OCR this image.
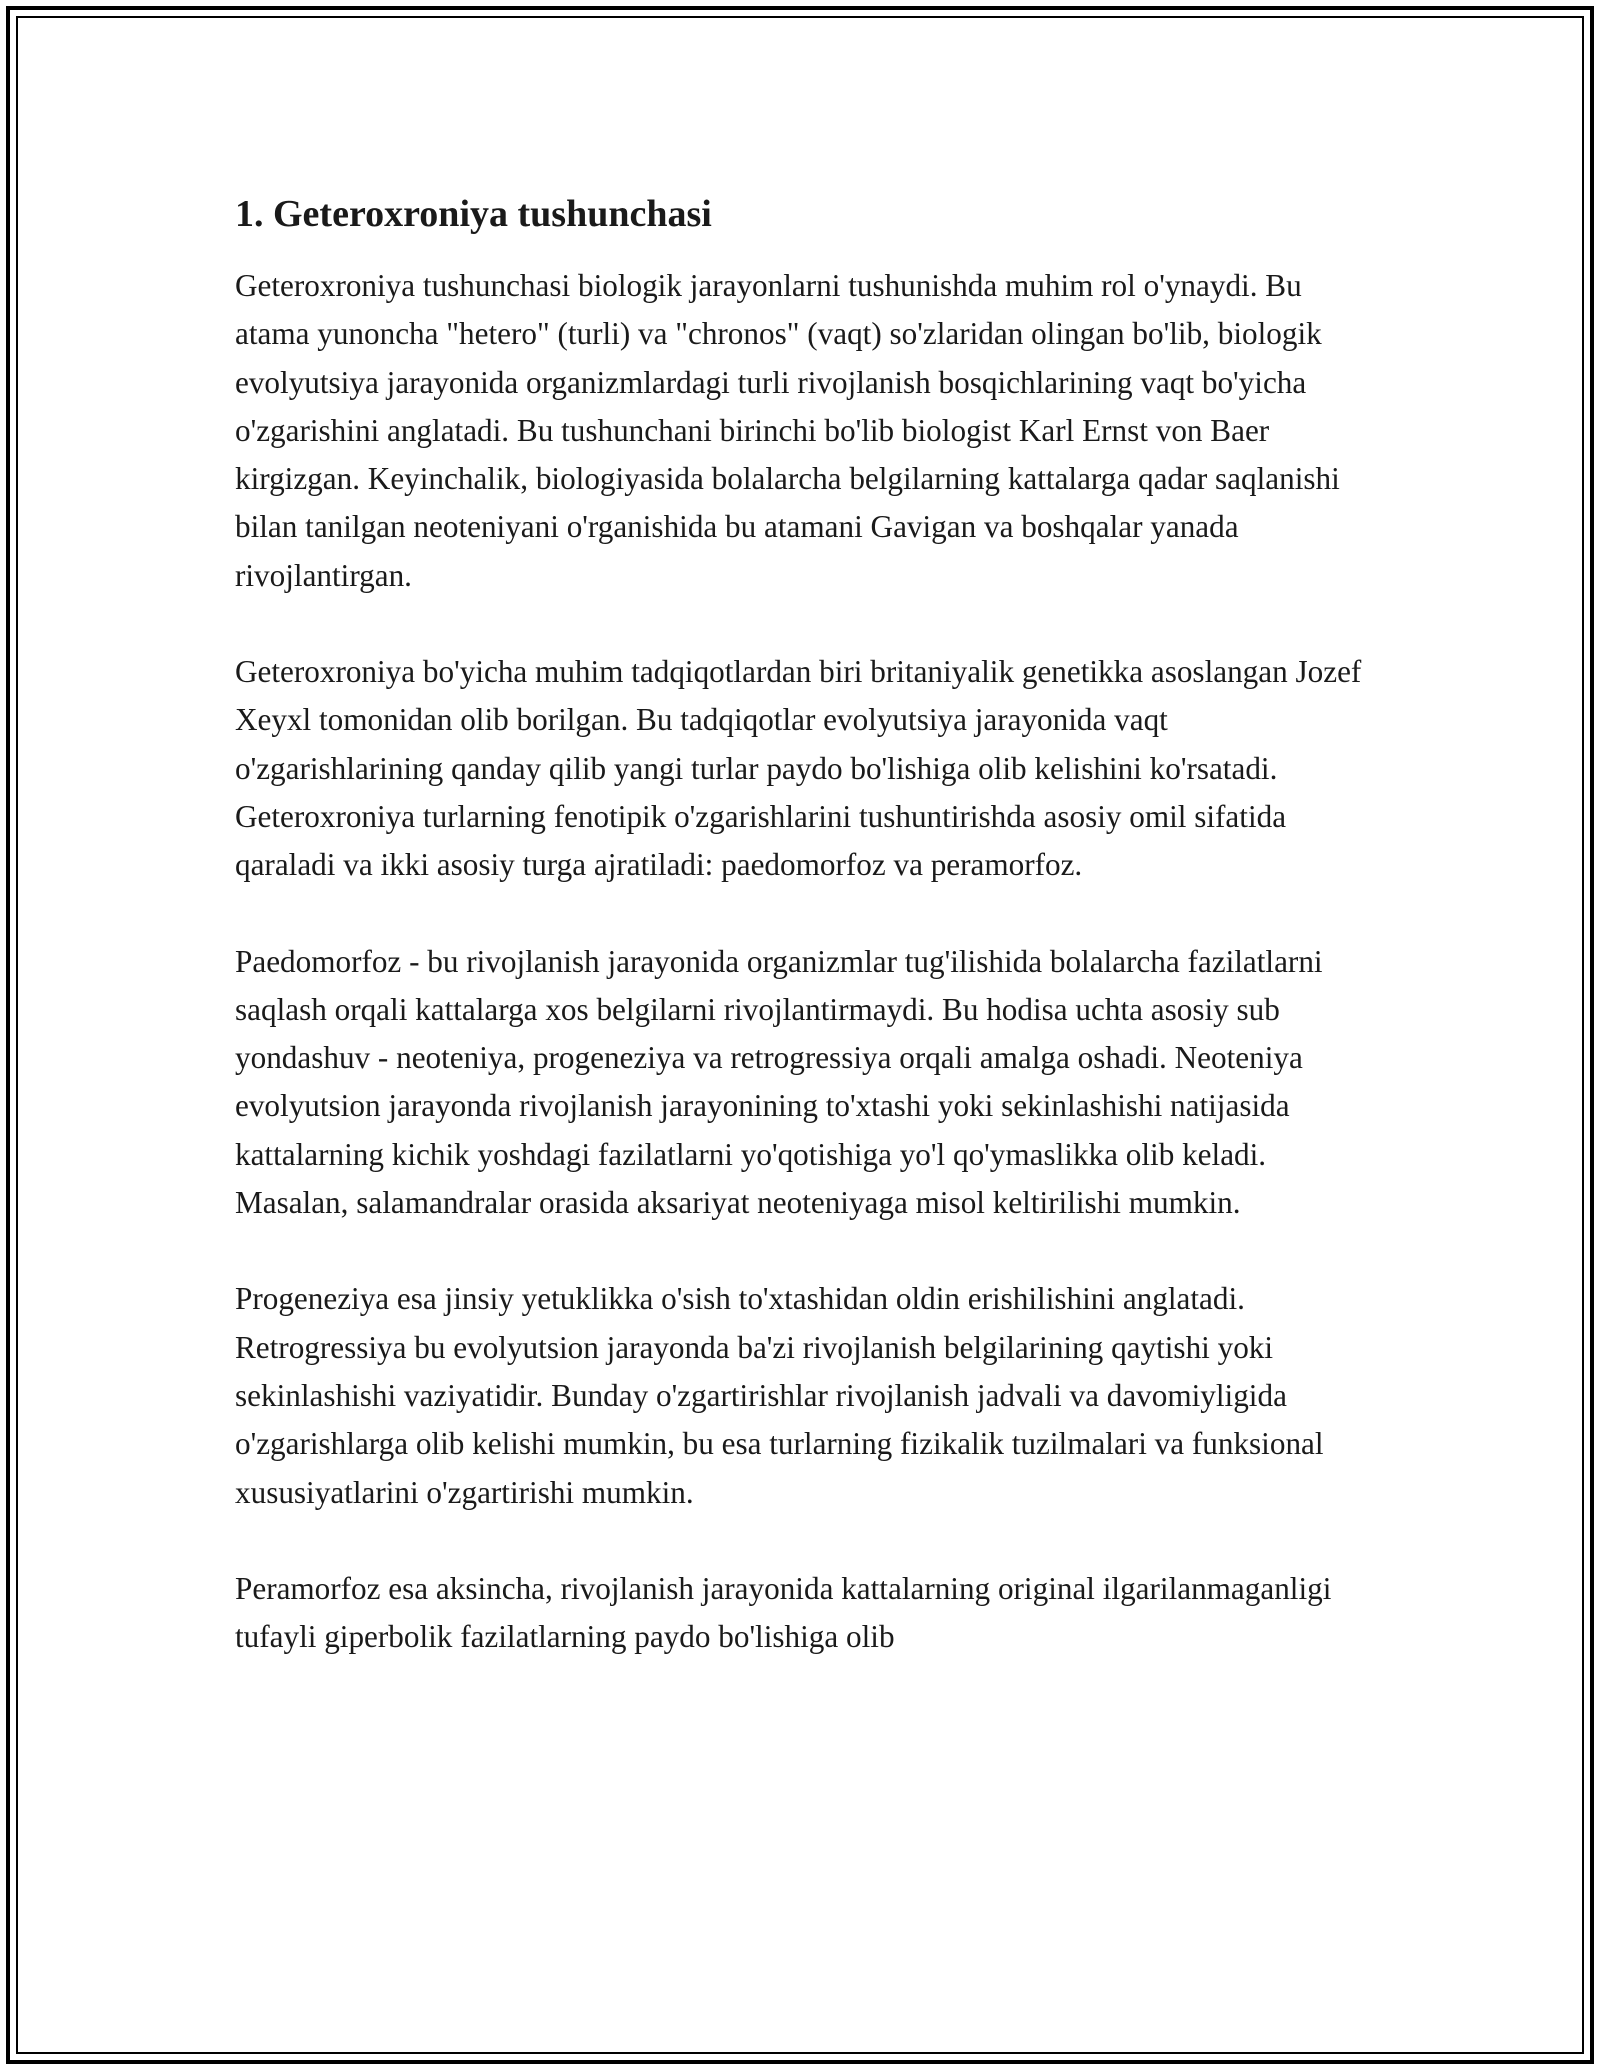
1. Geteroxroniya tushunchasi

Geteroxroniya tushunchasi biologik jarayonlarni tushunishda muhim rol o'ynaydi. Bu atama yunoncha "hetero" (turli) va "chronos" (vaqt) so'zlaridan olingan bo'lib, biologik evolyutsiya jarayonida organizmlardagi turli rivojlanish bosqichlarining vaqt bo'yicha o'zgarishini anglatadi. Bu tushunchani birinchi bo'lib biologist Karl Ernst von Baer kirgizgan. Keyinchalik, biologiyasida bolalarcha belgilarning kattalarga qadar saqlanishi bilan tanilgan neoteniyani o'rganishida bu atamani Gavigan va boshqalar yanada rivojlantirgan.

Geteroxroniya bo'yicha muhim tadqiqotlardan biri britaniyalik genetikka asoslangan Jozef Xeyxl tomonidan olib borilgan. Bu tadqiqotlar evolyutsiya jarayonida vaqt o'zgarishlarining qanday qilib yangi turlar paydo bo'lishiga olib kelishini ko'rsatadi. Geteroxroniya turlarning fenotipik o'zgarishlarini tushuntirishda asosiy omil sifatida qaraladi va ikki asosiy turga ajratiladi: paedomorfoz va peramorfoz.

Paedomorfoz - bu rivojlanish jarayonida organizmlar tug'ilishida bolalarcha fazilatlarni saqlash orqali kattalarga xos belgilarni rivojlantirmaydi. Bu hodisa uchta asosiy sub yondashuv - neoteniya, progeneziya va retrogressiya orqali amalga oshadi. Neoteniya evolyutsion jarayonda rivojlanish jarayonining to'xtashi yoki sekinlashishi natijasida kattalarning kichik yoshdagi fazilatlarni yo'qotishiga yo'l qo'ymaslikka olib keladi. Masalan, salamandralar orasida aksariyat neoteniyaga misol keltirilishi mumkin.

Progeneziya esa jinsiy yetuklikka o'sish to'xtashidan oldin erishilishini anglatadi. Retrogressiya bu evolyutsion jarayonda ba'zi rivojlanish belgilarining qaytishi yoki sekinlashishi vaziyatidir. Bunday o'zgartirishlar rivojlanish jadvali va davomiyligida o'zgarishlarga olib kelishi mumkin, bu esa turlarning fizikalik tuzilmalari va funksional xususiyatlarini o'zgartirishi mumkin.

Peramorfoz esa aksincha, rivojlanish jarayonida kattalarning original ilgarilanmaganligi tufayli giperbolik fazilatlarning paydo bo'lishiga olib
